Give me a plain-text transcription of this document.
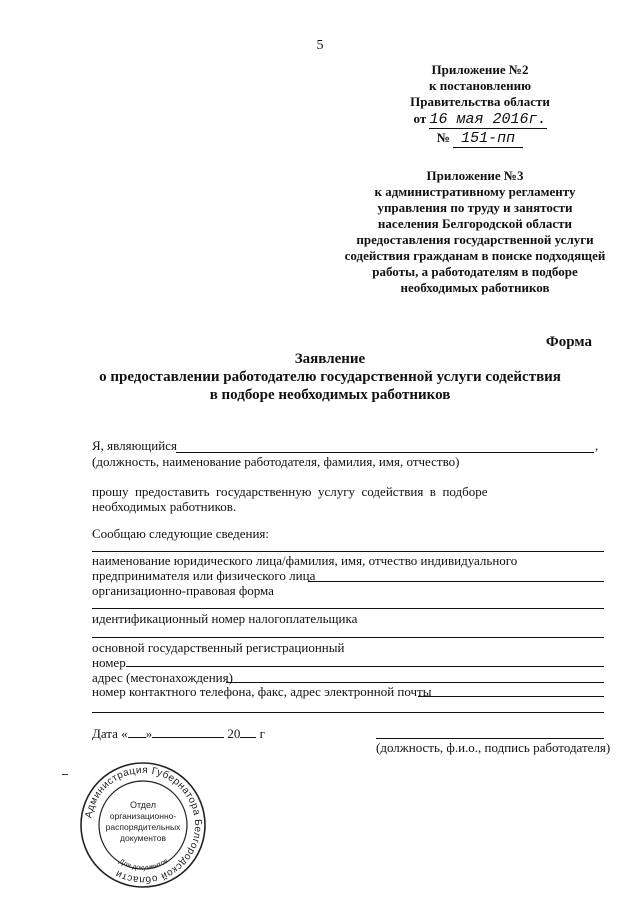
5
Приложение №2
к постановлению
Правительства области
от 16 мая 2016г.
№ 151-пп
Приложение №3
к административному регламенту
управления по труду и занятости
населения Белгородской области
предоставления государственной услуги
содействия гражданам в поиске подходящей
работы, а работодателям в подборе
необходимых работников
Форма
Заявление
о предоставлении работодателю государственной услуги содействия
в подборе необходимых работников
Я, являющийся	,
(должность, наименование работодателя, фамилия, имя, отчество)
прошу  предоставить  государственную  услугу  содействия  в  подборе
необходимых работников.
Сообщаю следующие сведения:
наименование юридического лица/фамилия, имя, отчество индивидуального
предпринимателя или физического лица
организационно-правовая форма
идентификационный номер налогоплательщика
основной государственный регистрационный
номер
адрес (местонахождения)
номер контактного телефона, факс, адрес электронной почты
Дата « »	20 г
(должность, ф.и.о., подпись работодателя)
Администрация Губернатора Белгородской области
Отдел
организационно-
распорядительных
документов
Для документов
